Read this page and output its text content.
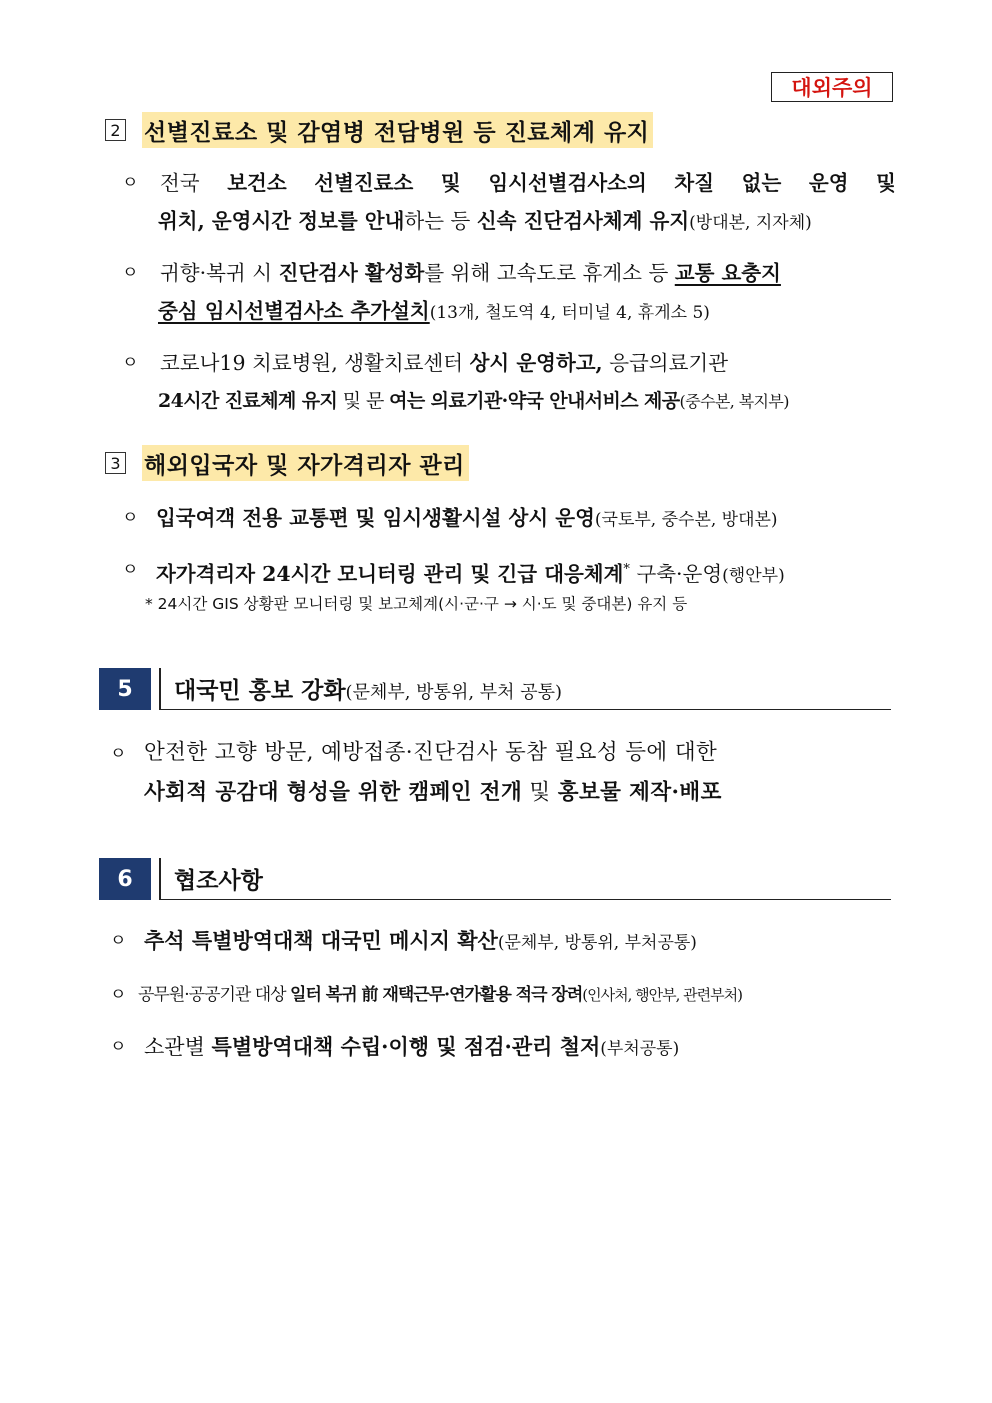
대외주의
2 선별진료소 및 감염병 전담병원 등 진료체계 유지
ㅇ 전국 보건소 선별진료소 및 임시선별검사소의 차질 없는 운영 및
위치, 운영시간 정보를 안내하는 등 신속 진단검사체계 유지(방대본, 지자체)
ㅇ 귀향·복귀 시 진단검사 활성화를 위해 고속도로 휴게소 등 교통 요충지
중심 임시선별검사소 추가설치(13개, 철도역 4, 터미널 4, 휴게소 5)
ㅇ 코로나19 치료병원, 생활치료센터 상시 운영하고, 응급의료기관
24시간 진료체계 유지 및 문 여는 의료기관·약국 안내서비스 제공(중수본, 복지부)
3 해외입국자 및 자가격리자 관리
ㅇ 입국여객 전용 교통편 및 임시생활시설 상시 운영(국토부, 중수본, 방대본)
ㅇ 자가격리자 24시간 모니터링 관리 및 긴급 대응체계* 구축·운영(행안부)
* 24시간 GIS 상황판 모니터링 및 보고체계(시·군·구 → 시·도 및 중대본) 유지 등
5	대국민 홍보 강화(문체부, 방통위, 부처 공통)
ㅇ 안전한 고향 방문, 예방접종·진단검사 동참 필요성 등에 대한
사회적 공감대 형성을 위한 캠페인 전개 및 홍보물 제작·배포
6	협조사항
ㅇ 추석 특별방역대책 대국민 메시지 확산(문체부, 방통위, 부처공통)
ㅇ 공무원·공공기관 대상 일터 복귀 前 재택근무·연가활용 적극 장려(인사처, 행안부, 관련부처)
ㅇ 소관별 특별방역대책 수립·이행 및 점검·관리 철저(부처공통)
